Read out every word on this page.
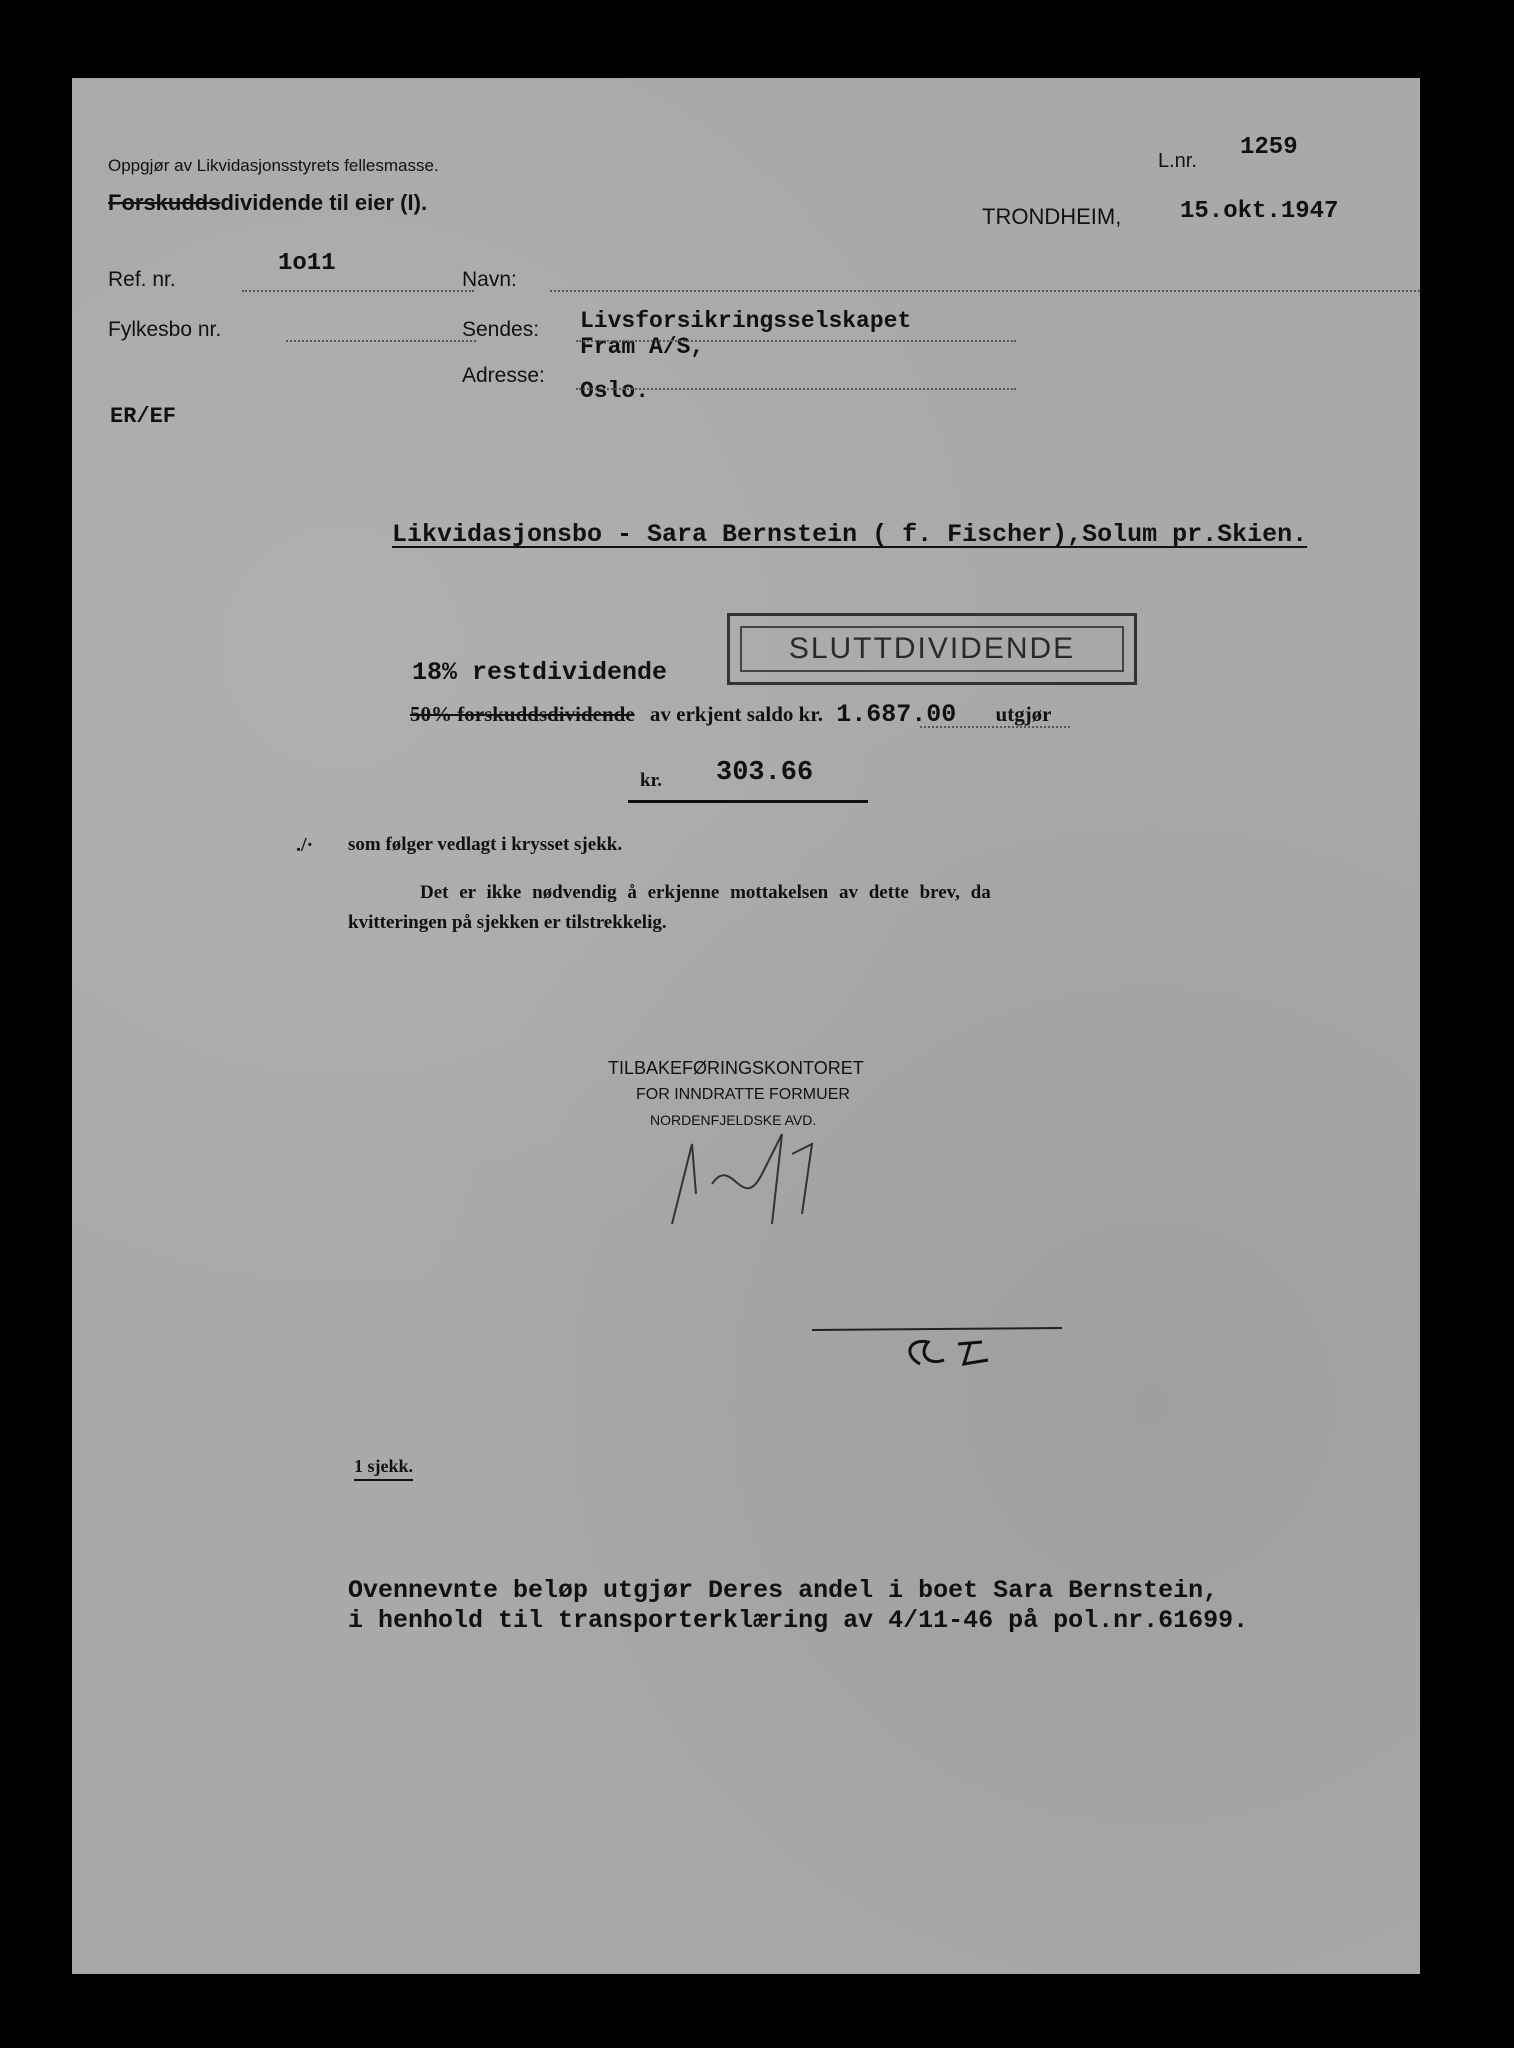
Oppgjør av Likvidasjonsstyrets fellesmasse.
Forskuddsdividende til eier (I).
L.nr. 1259
TRONDHEIM, 15.okt.1947
Ref. nr.
1o11
Fylkesbo nr.
Navn:
Sendes: Livsforsikringsselskapet
Fram A/S,
Adresse:
Oslo.
ER/EF
Likvidasjonsbo - Sara Bernstein ( f. Fischer),Solum pr.Skien.
SLUTTDIVIDENDE
18% restdividende
50% forskuddsdividende av erkjent saldo kr. 1.687.00 utgjør
kr. 303.66
./· som følger vedlagt i krysset sjekk.
Det er ikke nødvendig å erkjenne mottakelsen av dette brev, da
kvitteringen på sjekken er tilstrekkelig.
TILBAKEFØRINGSKONTORET
FOR INNDRATTE FORMUER
NORDENFJELDSKE AVD.
1 sjekk.
Ovennevnte beløp utgjør Deres andel i boet Sara Bernstein,
i henhold til transporterklæring av 4/11-46 på pol.nr.61699.
